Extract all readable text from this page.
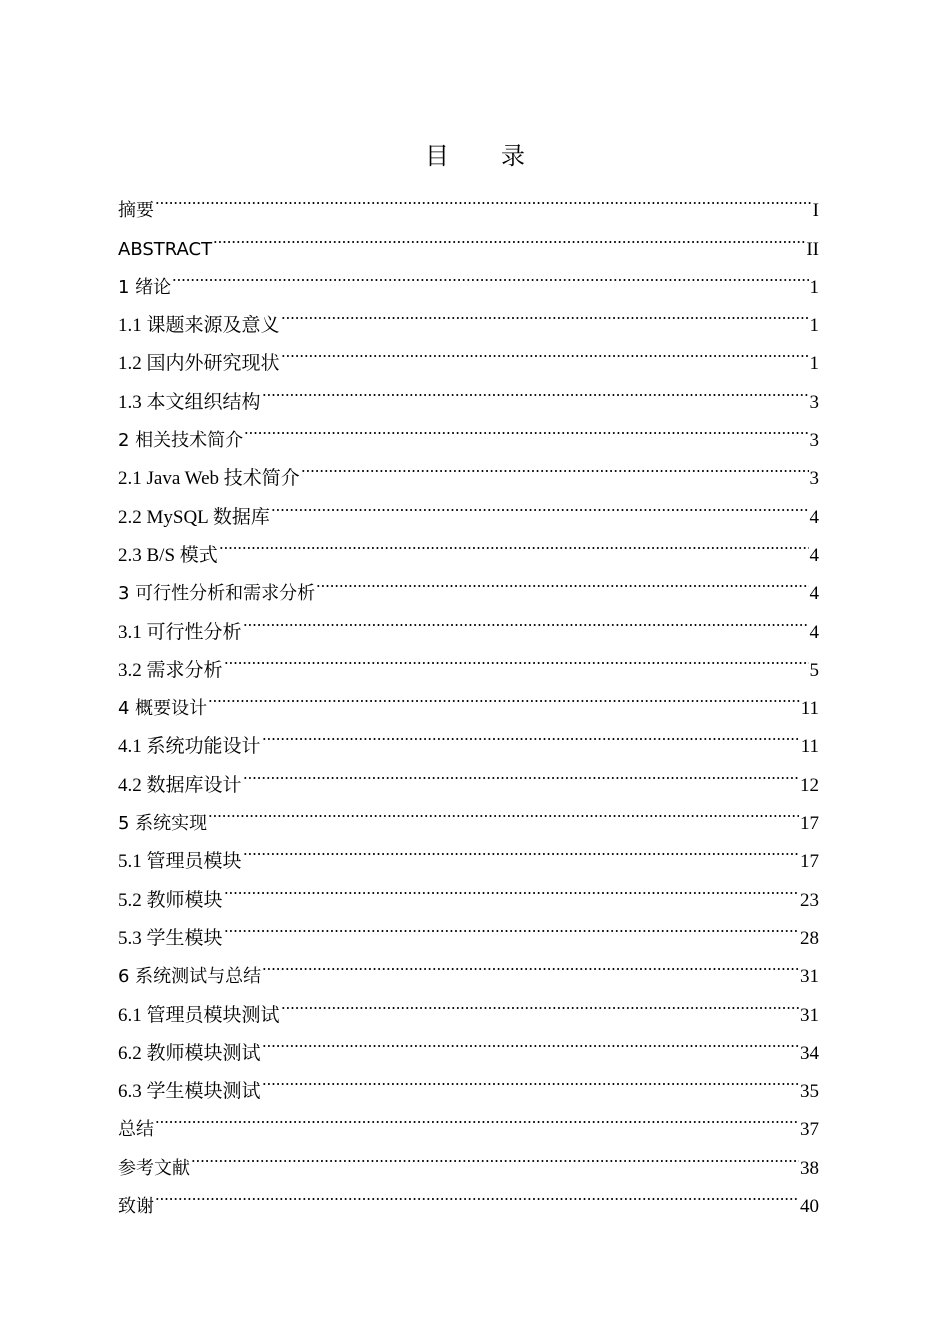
目录
摘要	I
ABSTRACT	II
1 绪论	1
1.1 课题来源及意义	1
1.2 国内外研究现状	1
1.3 本文组织结构	3
2 相关技术简介	3
2.1 Java Web 技术简介	3
2.2 MySQL 数据库	4
2.3 B/S 模式	4
3 可行性分析和需求分析	4
3.1 可行性分析	4
3.2 需求分析	5
4 概要设计	11
4.1 系统功能设计	11
4.2 数据库设计	12
5 系统实现	17
5.1 管理员模块	17
5.2 教师模块	23
5.3 学生模块	28
6 系统测试与总结	31
6.1 管理员模块测试	31
6.2 教师模块测试	34
6.3 学生模块测试	35
总结	37
参考文献	38
致谢	40
